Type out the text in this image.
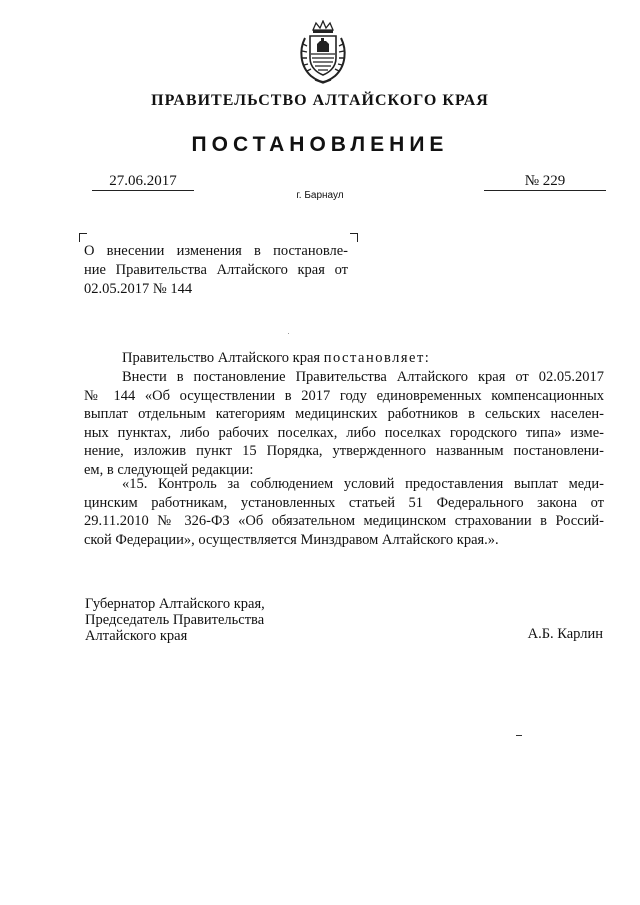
ПРАВИТЕЛЬСТВО АЛТАЙСКОГО КРАЯ
ПОСТАНОВЛЕНИЕ
27.06.2017	№ 229
г. Барнаул
О внесении изменения в постановле-
ние Правительства Алтайского края от
02.05.2017 № 144
Правительство Алтайского края постановляет:
Внести в постановление Правительства Алтайского края от 02.05.2017
№ 144 «Об осуществлении в 2017 году единовременных компенсационных
выплат отдельным категориям медицинских работников в сельских населен-
ных пунктах, либо рабочих поселках, либо поселках городского типа» изме-
нение, изложив пункт 15 Порядка, утвержденного названным постановлени-
ем, в следующей редакции:
«15. Контроль за соблюдением условий предоставления выплат меди-
цинским работникам, установленных статьей 51 Федерального закона от
29.11.2010 № 326-ФЗ «Об обязательном медицинском страховании в Россий-
ской Федерации», осуществляется Минздравом Алтайского края.».
Губернатор Алтайского края,
Председатель Правительства
Алтайского края	А.Б. Карлин
